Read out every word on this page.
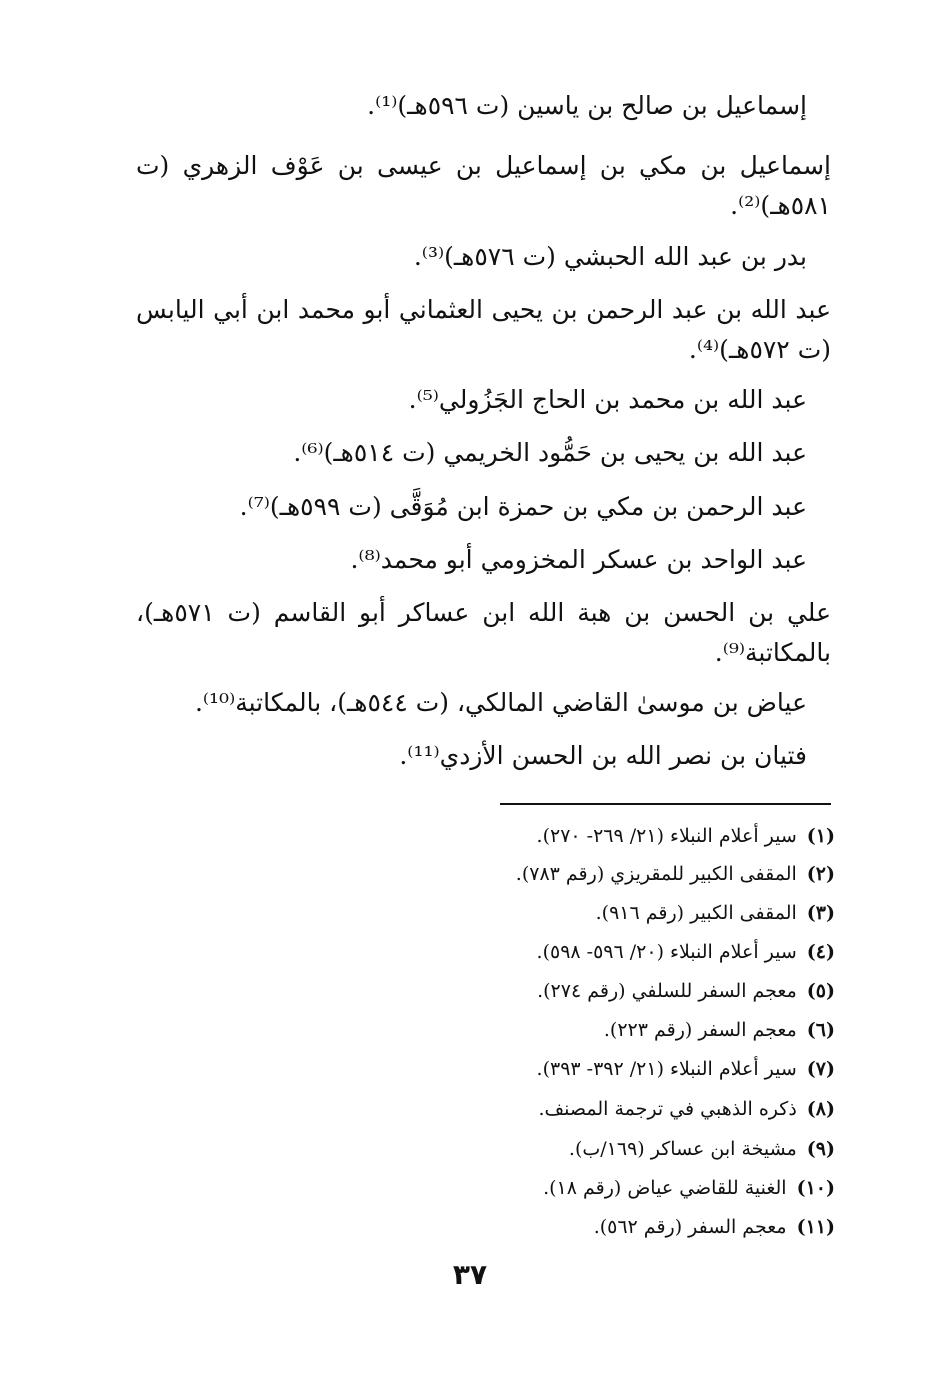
إسماعيل بن صالح بن ياسين (ت ٥٩٦هـ)⁽¹⁾.
إسماعيل بن مكي بن إسماعيل بن عيسى بن عَوْف الزهري (ت ٥٨١هـ)⁽²⁾.
بدر بن عبد الله الحبشي (ت ٥٧٦هـ)⁽³⁾.
عبد الله بن عبد الرحمن بن يحيى العثماني أبو محمد ابن أبي اليابس (ت ٥٧٢هـ)⁽⁴⁾.
عبد الله بن محمد بن الحاج الجَزُولي⁽⁵⁾.
عبد الله بن يحيى بن حَمُّود الخريمي (ت ٥١٤هـ)⁽⁶⁾.
عبد الرحمن بن مكي بن حمزة ابن مُوَقَّى (ت ٥٩٩هـ)⁽⁷⁾.
عبد الواحد بن عسكر المخزومي أبو محمد⁽⁸⁾.
علي بن الحسن بن هبة الله ابن عساكر أبو القاسم (ت ٥٧١هـ)، بالمكاتبة⁽⁹⁾.
عياض بن موسىٰ القاضي المالكي، (ت ٥٤٤هـ)، بالمكاتبة⁽¹⁰⁾.
فتيان بن نصر الله بن الحسن الأزدي⁽¹¹⁾.
(١)سير أعلام النبلاء (٢١/ ٢٦٩- ٢٧٠).
(٢)المقفى الكبير للمقريزي (رقم ٧٨٣).
(٣)المقفى الكبير (رقم ٩١٦).
(٤)سير أعلام النبلاء (٢٠/ ٥٩٦- ٥٩٨).
(٥)معجم السفر للسلفي (رقم ٢٧٤).
(٦)معجم السفر (رقم ٢٢٣).
(٧)سير أعلام النبلاء (٢١/ ٣٩٢- ٣٩٣).
(٨)ذكره الذهبي في ترجمة المصنف.
(٩)مشيخة ابن عساكر (١٦٩/ب).
(١٠)الغنية للقاضي عياض (رقم ١٨).
(١١)معجم السفر (رقم ٥٦٢).
٣٧
